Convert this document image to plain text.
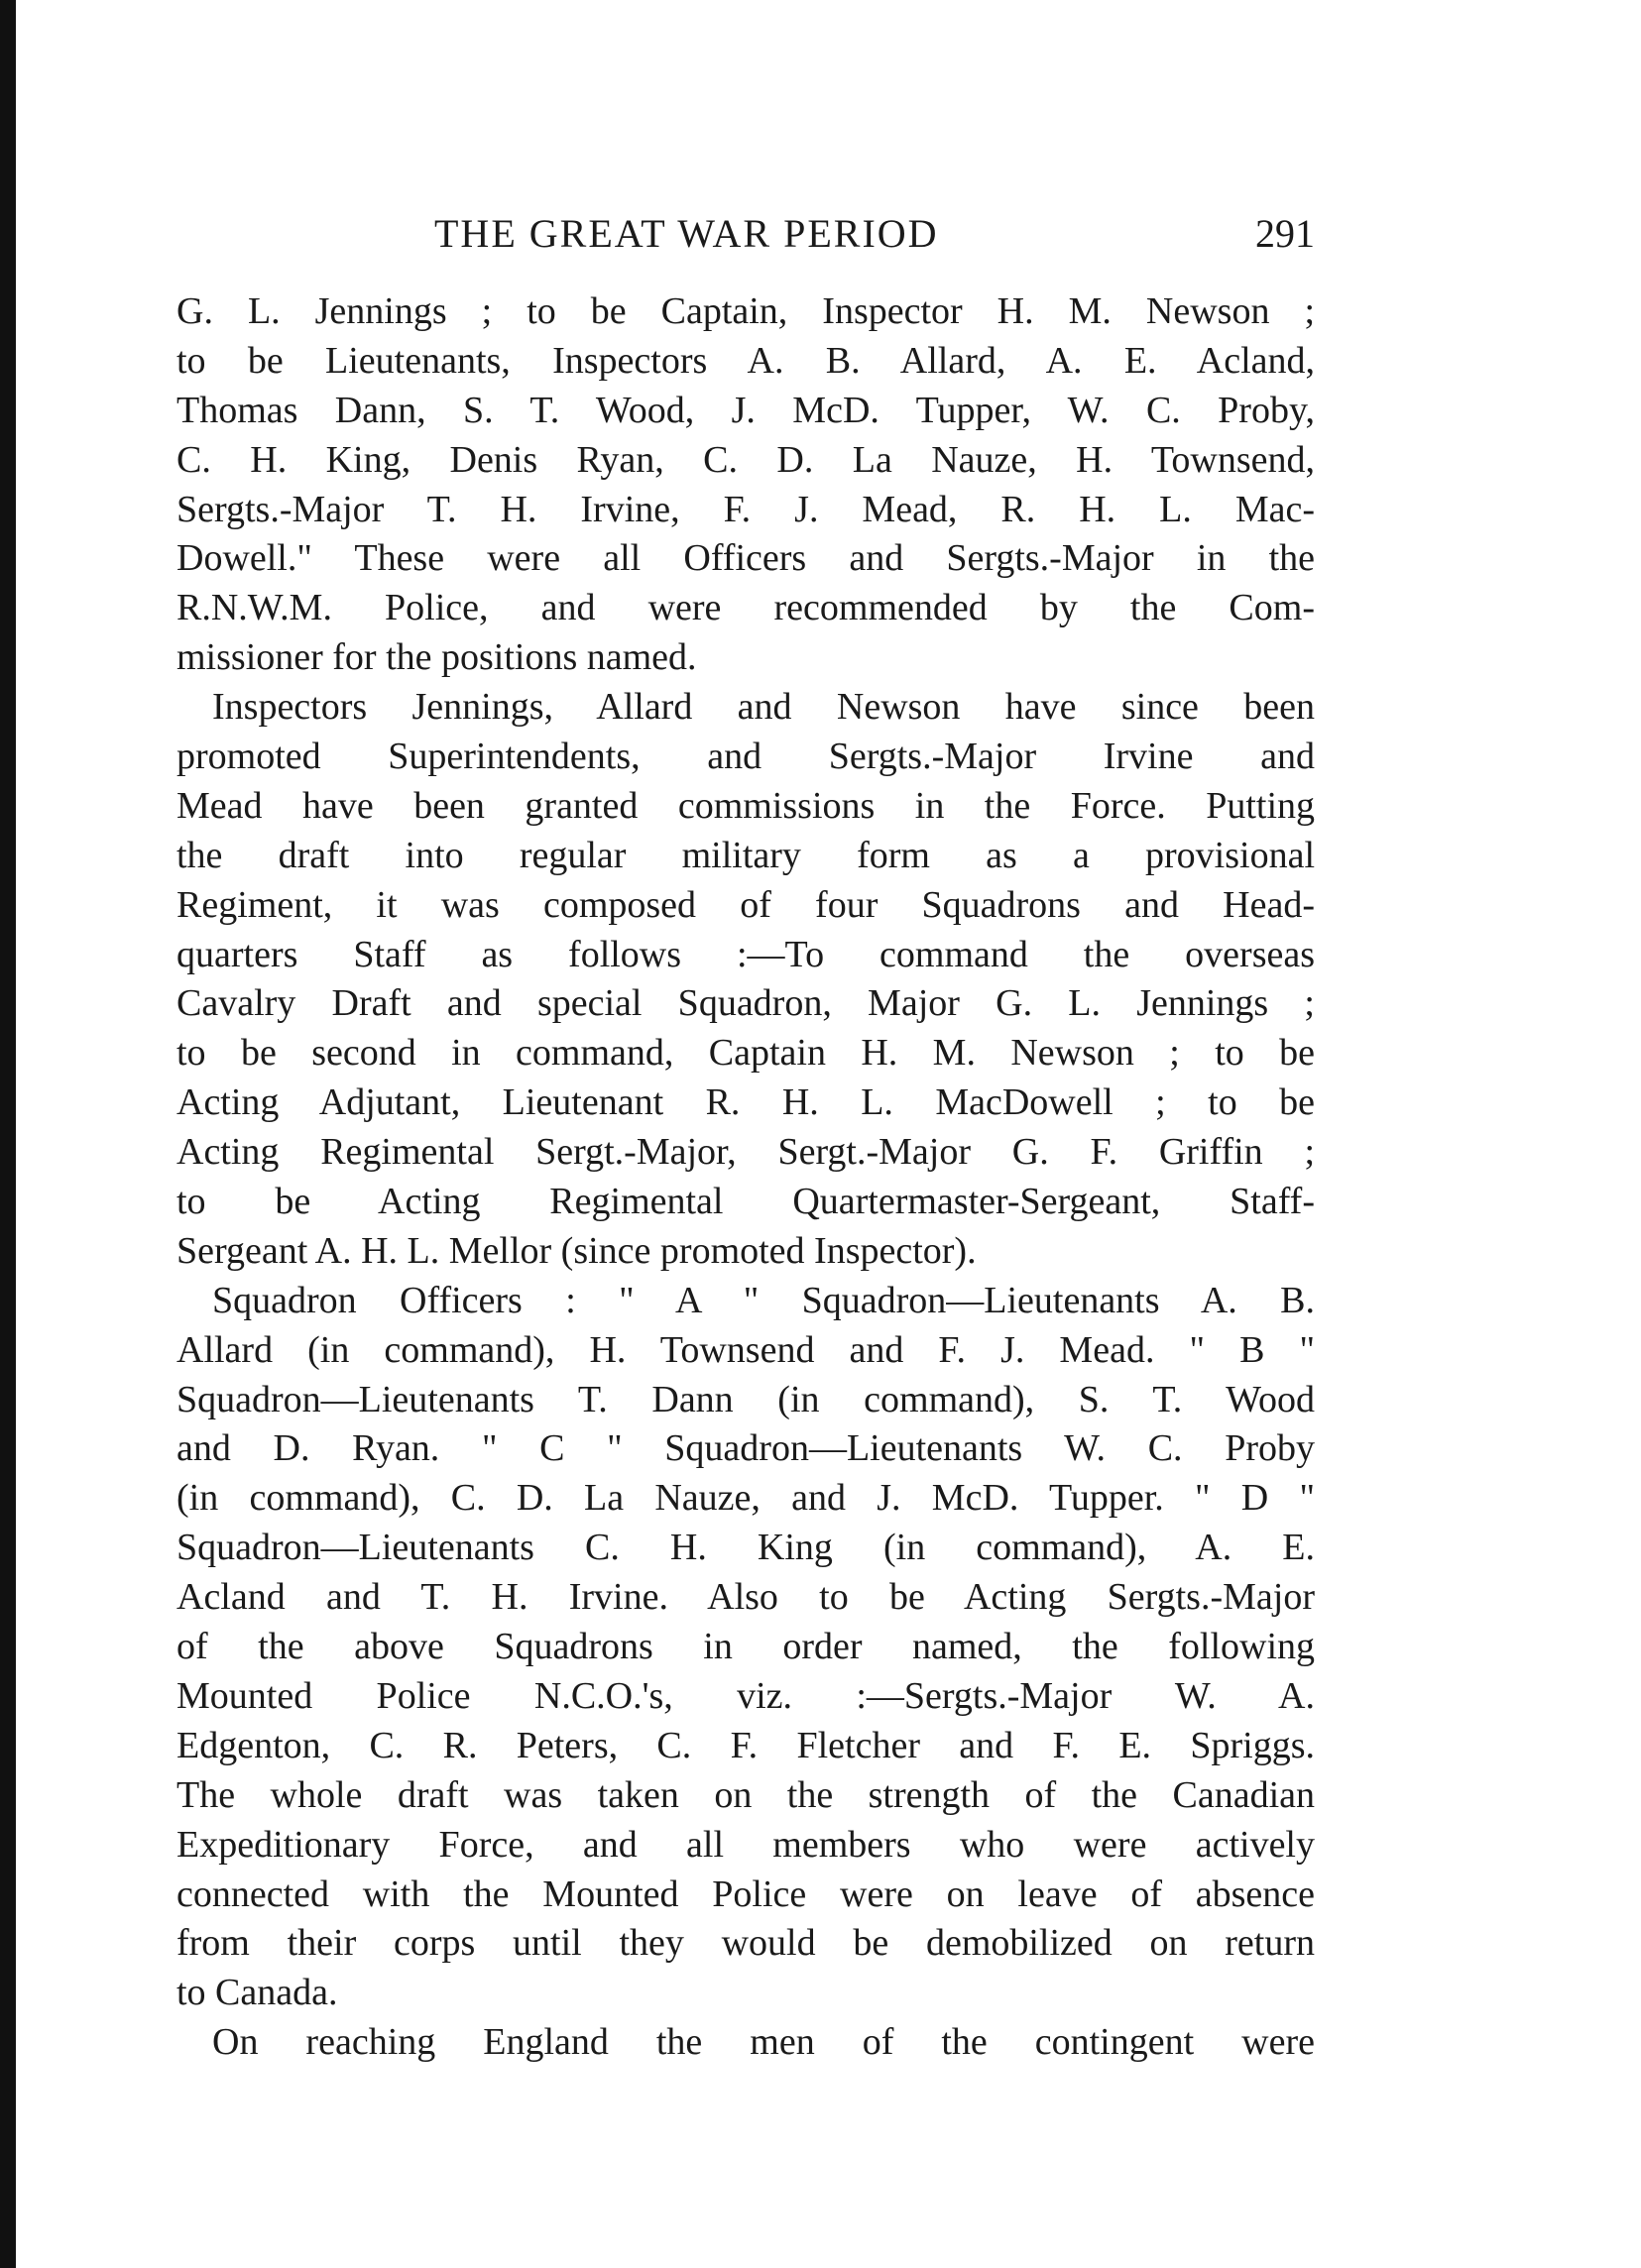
THE GREAT WAR PERIOD	291

G. L. Jennings ; to be Captain, Inspector H. M. Newson ;
to be Lieutenants, Inspectors A. B. Allard, A. E. Acland,
Thomas Dann, S. T. Wood, J. McD. Tupper, W. C. Proby,
C. H. King, Denis Ryan, C. D. La Nauze, H. Townsend,
Sergts.-Major T. H. Irvine, F. J. Mead, R. H. L. Mac-
Dowell." These were all Officers and Sergts.-Major in the
R.N.W.M. Police, and were recommended by the Com-
missioner for the positions named.

Inspectors Jennings, Allard and Newson have since been
promoted Superintendents, and Sergts.-Major Irvine and
Mead have been granted commissions in the Force. Putting
the draft into regular military form as a provisional
Regiment, it was composed of four Squadrons and Head-
quarters Staff as follows :—To command the overseas
Cavalry Draft and special Squadron, Major G. L. Jennings ;
to be second in command, Captain H. M. Newson ; to be
Acting Adjutant, Lieutenant R. H. L. MacDowell ; to be
Acting Regimental Sergt.-Major, Sergt.-Major G. F. Griffin ;
to be Acting Regimental Quartermaster-Sergeant, Staff-
Sergeant A. H. L. Mellor (since promoted Inspector).

Squadron Officers : " A " Squadron—Lieutenants A. B.
Allard (in command), H. Townsend and F. J. Mead. " B "
Squadron—Lieutenants T. Dann (in command), S. T. Wood
and D. Ryan. " C " Squadron—Lieutenants W. C. Proby
(in command), C. D. La Nauze, and J. McD. Tupper. " D "
Squadron—Lieutenants C. H. King (in command), A. E.
Acland and T. H. Irvine. Also to be Acting Sergts.-Major
of the above Squadrons in order named, the following
Mounted Police N.C.O.'s, viz. :—Sergts.-Major W. A.
Edgenton, C. R. Peters, C. F. Fletcher and F. E. Spriggs.
The whole draft was taken on the strength of the Canadian
Expeditionary Force, and all members who were actively
connected with the Mounted Police were on leave of absence
from their corps until they would be demobilized on return
to Canada.

On reaching England the men of the contingent were
